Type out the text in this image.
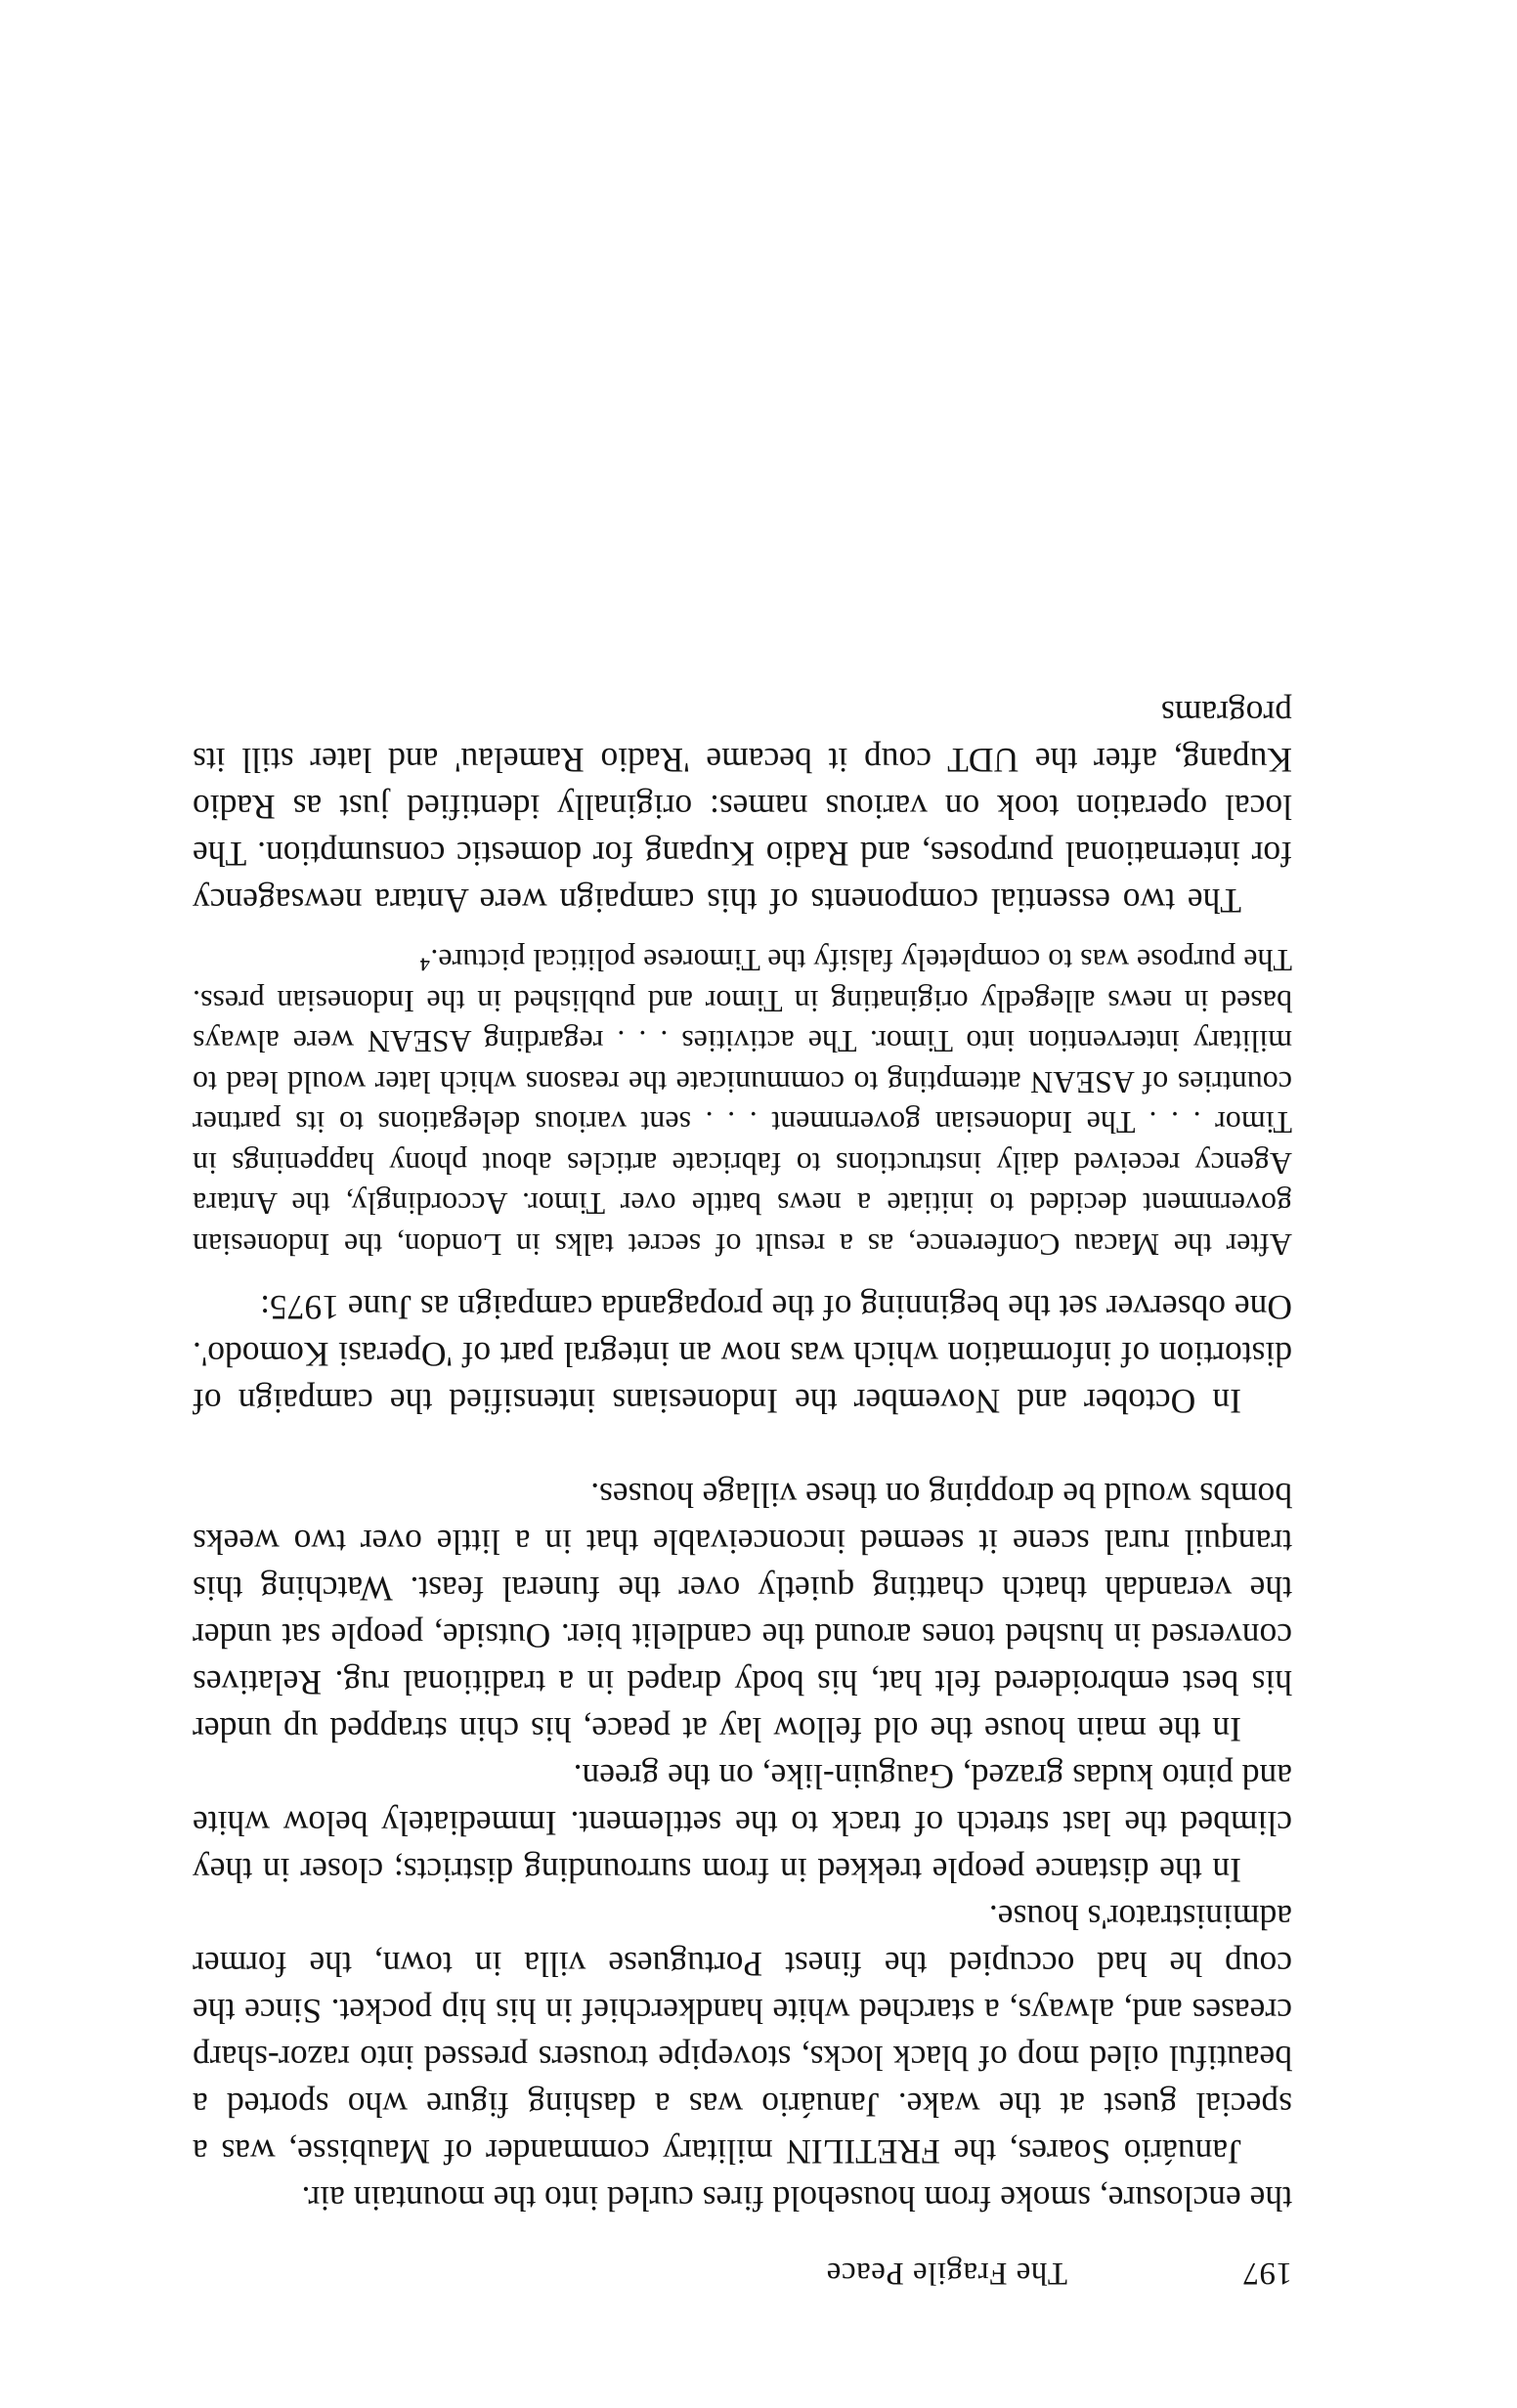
197
The Fragile Peace

the enclosure, smoke from household fires curled into the mountain air.

Januário Soares, the FRETILIN military commander of Maubisse, was a special guest at the wake. Januário was a dashing figure who sported a beautiful oiled mop of black locks, stovepipe trousers pressed into razor-sharp creases and, always, a starched white handkerchief in his hip pocket. Since the coup he had occupied the finest Portuguese villa in town, the former administrator's house.

In the distance people trekked in from surrounding districts; closer in they climbed the last stretch of track to the settlement. Immediately below white and pinto kudas grazed, Gauguin-like, on the green.

In the main house the old fellow lay at peace, his chin strapped up under his best embroidered felt hat, his body draped in a traditional rug. Relatives conversed in hushed tones around the candlelit bier. Outside, people sat under the verandah thatch chatting quietly over the funeral feast. Watching this tranquil rural scene it seemed inconceivable that in a little over two weeks bombs would be dropping on these village houses.

In October and November the Indonesians intensified the campaign of distortion of information which was now an integral part of 'Operasi Komodo'. One observer set the beginning of the propaganda campaign as June 1975:

After the Macau Conference, as a result of secret talks in London, the Indonesian government decided to initiate a news battle over Timor. Accordingly, the Antara Agency received daily instructions to fabricate articles about phony happenings in Timor . . . The Indonesian government . . . sent various delegations to its partner countries of ASEAN attempting to communicate the reasons which later would lead to military intervention into Timor. The activities . . . regarding ASEAN were always based in news allegedly originating in Timor and published in the Indonesian press. The purpose was to completely falsify the Timorese political picture.⁴

The two essential components of this campaign were Antara newsagency for international purposes, and Radio Kupang for domestic consumption. The local operation took on various names: originally identified just as Radio Kupang, after the UDT coup it became 'Radio Ramelau' and later still its programs
